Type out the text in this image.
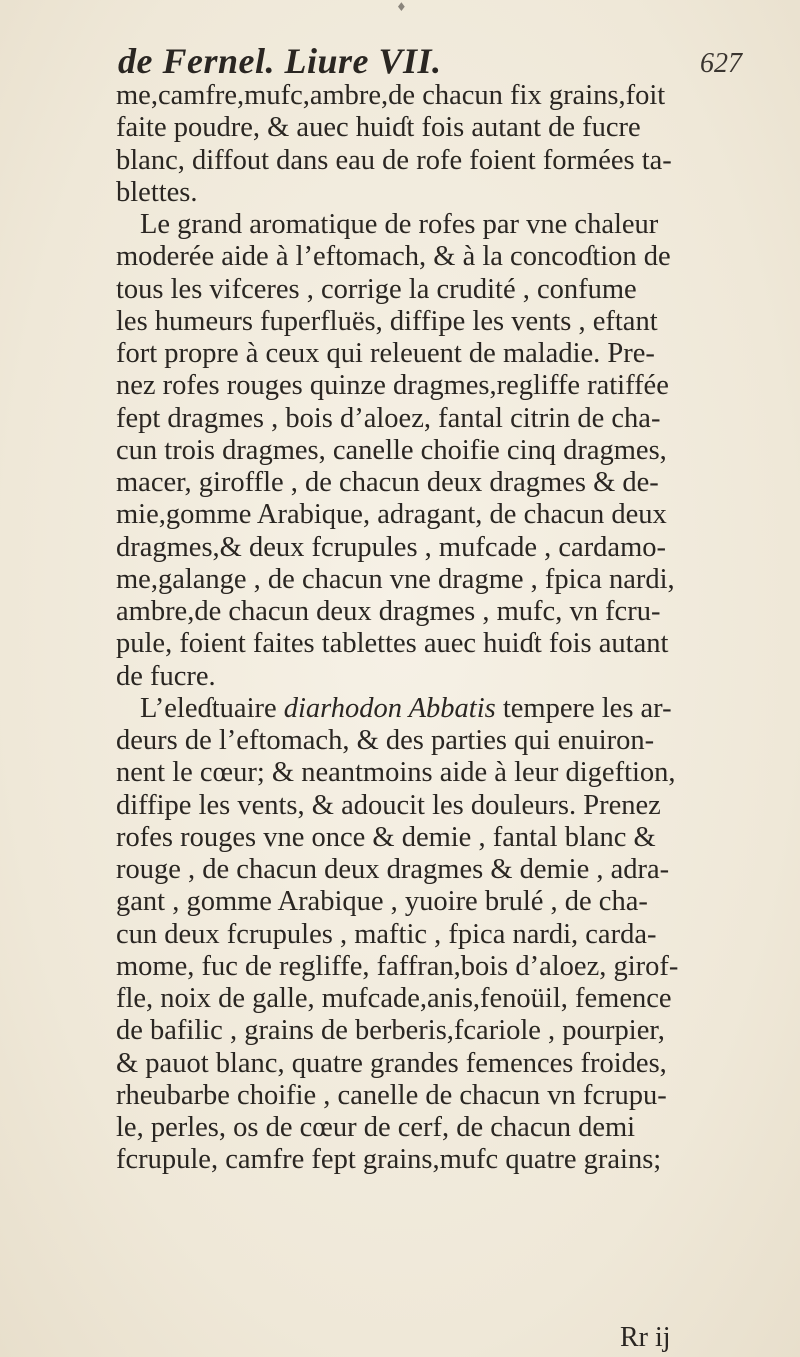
♦
de Fernel. Liure VII.	627
me,camfre,mufc,ambre,de chacun fix grains,foit
faite poudre, & auec huiɗt fois autant de fucre
blanc, diffout dans eau de rofe foient formées ta-
blettes.
Le grand aromatique de rofes par vne chaleur
moderée aide à l’eftomach, & à la concoɗtion de
tous les vifceres , corrige la crudité , confume
les humeurs fuperfluës, diffipe les vents , eftant
fort propre à ceux qui releuent de maladie. Pre-
nez rofes rouges quinze dragmes,regliffe ratiffée
fept dragmes , bois d’aloez, fantal citrin de cha-
cun trois dragmes, canelle choifie cinq dragmes,
macer, giroffle , de chacun deux dragmes & de-
mie,gomme Arabique, adragant, de chacun deux
dragmes,& deux fcrupules , mufcade , cardamo-
me,galange , de chacun vne dragme , fpica nardi,
ambre,de chacun deux dragmes , mufc, vn fcru-
pule, foient faites tablettes auec huiɗt fois autant
de fucre.
L’eleɗtuaire diarhodon Abbatis tempere les ar-
deurs de l’eftomach, & des parties qui enuiron-
nent le cœur; & neantmoins aide à leur digeftion,
diffipe les vents, & adoucit les douleurs. Prenez
rofes rouges vne once & demie , fantal blanc &
rouge , de chacun deux dragmes & demie , adra-
gant , gomme Arabique , yuoire brulé , de cha-
cun deux fcrupules , maftic , fpica nardi, carda-
mome, fuc de regliffe, faffran,bois d’aloez, girof-
fle, noix de galle, mufcade,anis,fenoüil, femence
de bafilic , grains de berberis,fcariole , pourpier,
& pauot blanc, quatre grandes femences froides,
rheubarbe choifie , canelle de chacun vn fcrupu-
le, perles, os de cœur de cerf, de chacun demi
fcrupule, camfre fept grains,mufc quatre grains;
Rr ij
